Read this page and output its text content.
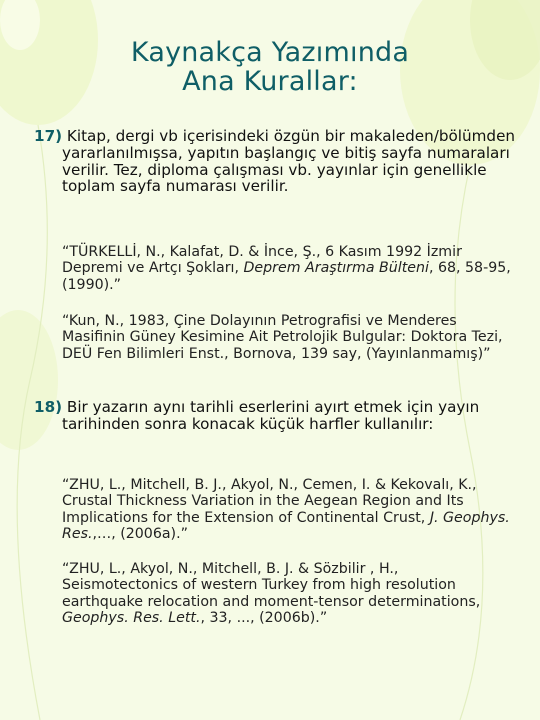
Kaynakça Yazımında
Ana Kurallar:
17) Kitap, dergi vb içerisindeki özgün bir makaleden/bölümden yararlanılmışsa, yapıtın başlangıç ve bitiş sayfa numaraları verilir. Tez, diploma çalışması vb. yayınlar için genellikle toplam sayfa numarası verilir.
“TÜRKELLİ, N., Kalafat, D. & İnce, Ş., 6 Kasım 1992 İzmir Depremi ve Artçı Şokları, Deprem Araştırma Bülteni, 68, 58-95, (1990).”
“Kun, N., 1983, Çine Dolayının Petrografisi ve Menderes Masifinin Güney Kesimine Ait Petrolojik Bulgular: Doktora Tezi, DEÜ Fen Bilimleri Enst., Bornova, 139 say, (Yayınlanmamış)”
18) Bir yazarın aynı tarihli eserlerini ayırt etmek için yayın tarihinden sonra konacak küçük harfler kullanılır:
“ZHU, L., Mitchell, B. J., Akyol, N., Cemen, I. & Kekovalı, K., Crustal Thickness Variation in the Aegean Region and Its Implications for the Extension of Continental Crust, J. Geophys. Res.,…, (2006a).”
“ZHU, L., Akyol, N., Mitchell, B. J. & Sözbilir , H., Seismotectonics of western Turkey from high resolution earthquake relocation and moment-tensor determinations, Geophys. Res. Lett., 33, ..., (2006b).”
